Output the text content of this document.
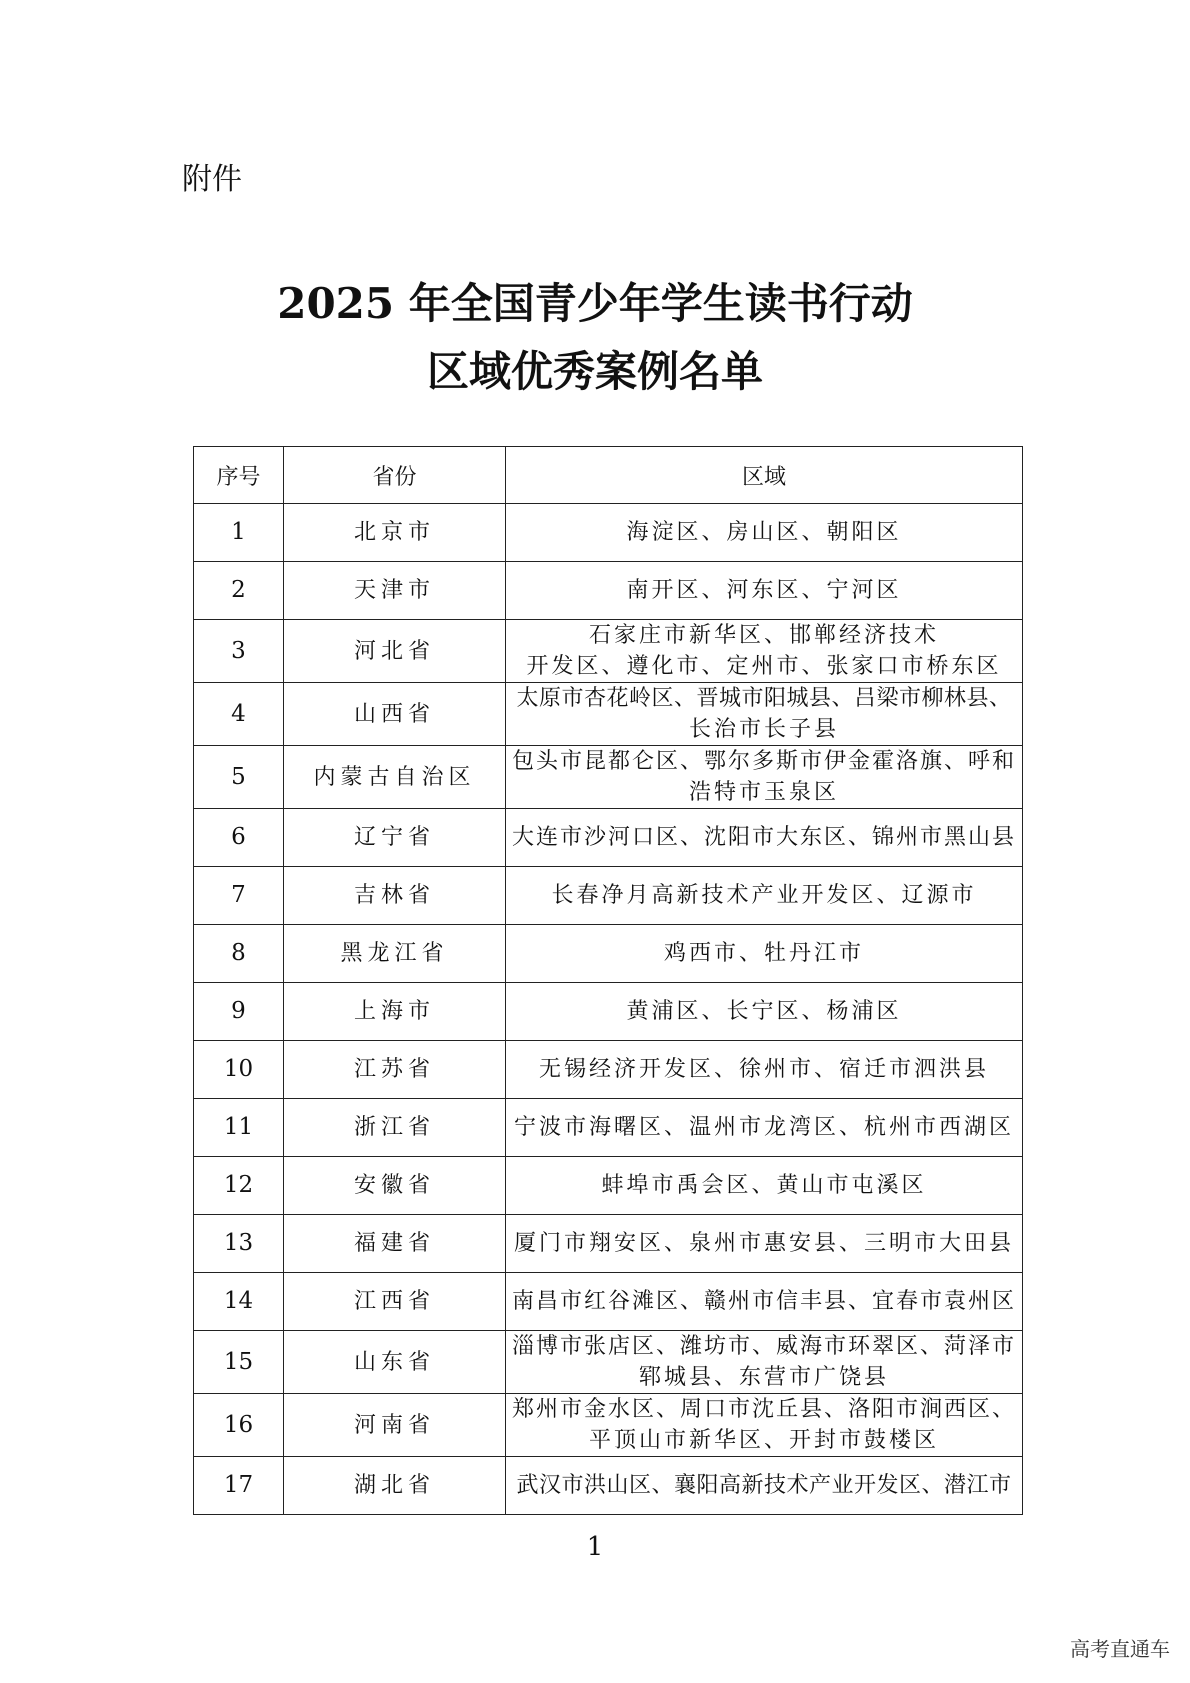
附件
2025 年全国青少年学生读书行动
区域优秀案例名单
序号	省份	区域
1	北京市	海淀区、房山区、朝阳区

2	天津市	南开区、河东区、宁河区

3	河北省	石家庄市新华区、邯郸经济技术
开发区、遵化市、定州市、张家口市桥东区

4	山西省	太原市杏花岭区、晋城市阳城县、吕梁市柳林县、
长治市长子县

5	内蒙古自治区	包头市昆都仑区、鄂尔多斯市伊金霍洛旗、呼和
浩特市玉泉区

6	辽宁省	大连市沙河口区、沈阳市大东区、锦州市黑山县

7	吉林省	长春净月高新技术产业开发区、辽源市

8	黑龙江省	鸡西市、牡丹江市

9	上海市	黄浦区、长宁区、杨浦区

10	江苏省	无锡经济开发区、徐州市、宿迁市泗洪县

11	浙江省	宁波市海曙区、温州市龙湾区、杭州市西湖区

12	安徽省	蚌埠市禹会区、黄山市屯溪区

13	福建省	厦门市翔安区、泉州市惠安县、三明市大田县

14	江西省	南昌市红谷滩区、赣州市信丰县、宜春市袁州区

15	山东省	淄博市张店区、潍坊市、威海市环翠区、菏泽市
郓城县、东营市广饶县

16	河南省	郑州市金水区、周口市沈丘县、洛阳市涧西区、
平顶山市新华区、开封市鼓楼区

17	湖北省	武汉市洪山区、襄阳高新技术产业开发区、潜江市
1
高考直通车
